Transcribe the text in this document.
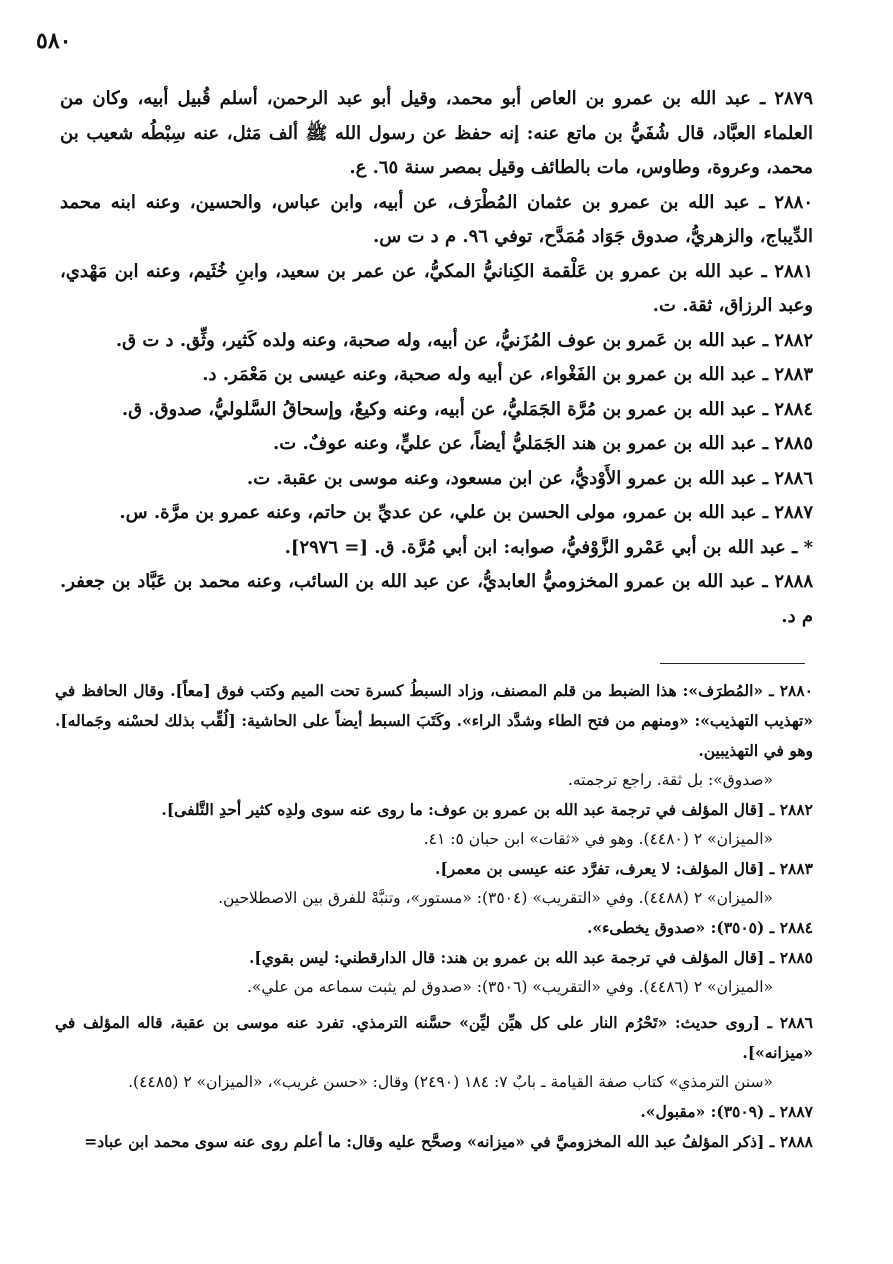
٥٨٠

٢٨٧٩ ـ عبد الله بن عمرو بن العاص أبو محمد، وقيل أبو عبد الرحمن، أسلم قُبيل أبيه، وكان من العلماء العبَّاد، قال شُفَيُّ بن ماتع عنه: إنه حفظ عن رسول الله ﷺ ألف مَثل، عنه سِبْطُه شعيب بن محمد، وعروة، وطاوس، مات بالطائف وقيل بمصر سنة ٦٥. ع.

٢٨٨٠ ـ عبد الله بن عمرو بن عثمان المُطْرَف، عن أبيه، وابن عباس، والحسين، وعنه ابنه محمد الدِّيباج، والزهريُّ، صدوق جَوَاد مُمَدَّح، توفي ٩٦. م د ت س.

٢٨٨١ ـ عبد الله بن عمرو بن عَلْقمة الكِنانيُّ المكيُّ، عن عمر بن سعيد، وابنِ خُثَيم، وعنه ابن مَهْدي، وعبد الرزاق، ثقة. ت.

٢٨٨٢ ـ عبد الله بن عَمرو بن عوف المُزَنيُّ، عن أبيه، وله صحبة، وعنه ولده كَثير، وثِّق. د ت ق.

٢٨٨٣ ـ عبد الله بن عمرو بن الفَغْواء، عن أبيه وله صحبة، وعنه عيسى بن مَعْمَر. د.

٢٨٨٤ ـ عبد الله بن عمرو بن مُرَّة الجَمَليُّ، عن أبيه، وعنه وكيعٌ، وإسحاقُ السَّلوليُّ، صدوق. ق.

٢٨٨٥ ـ عبد الله بن عمرو بن هند الجَمَليُّ أيضاً، عن عليٍّ، وعنه عوفٌ. ت.

٢٨٨٦ ـ عبد الله بن عمرو الأَوْديُّ، عن ابن مسعود، وعنه موسى بن عقبة. ت.

٢٨٨٧ ـ عبد الله بن عمرو، مولى الحسن بن علي، عن عديِّ بن حاتم، وعنه عمرو بن مرَّة. س.

* ـ عبد الله بن أبي عَمْرو الزَّوْفيُّ، صوابه: ابن أبي مُرَّة. ق. [= ٢٩٧٦].

٢٨٨٨ ـ عبد الله بن عمرو المخزوميُّ العابديُّ، عن عبد الله بن السائب، وعنه محمد بن عَبَّاد بن جعفر. م د.

٢٨٨٠ ـ «المُطرَف»: هذا الضبط من قلم المصنف، وزاد السبطُ كسرة تحت الميم وكتب فوق [معاً]. وقال الحافظ في «تهذيب التهذيب»: «ومنهم من فتح الطاء وشدَّد الراء». وكَتَبَ السبط أيضاً على الحاشية: [لُقِّب بذلك لحسْنه وجَماله]. وهو في التهذيبين.

«صدوق»: بل ثقة. راجع ترجمته.

٢٨٨٢ ـ [قال المؤلف في ترجمة عبد الله بن عمرو بن عوف: ما روى عنه سوى ولدِه كثير أحدِ التَّلفى].

«الميزان» ٢ (٤٤٨٠). وهو في «ثقات» ابن حبان ٥: ٤١.

٢٨٨٣ ـ [قال المؤلف: لا يعرف، تفرَّد عنه عيسى بن معمر].

«الميزان» ٢ (٤٤٨٨). وفي «التقريب» (٣٥٠٤): «مستور»، وتنبَّهْ للفرق بين الاصطلاحين.

٢٨٨٤ ـ (٣٥٠٥): «صدوق يخطىء».

٢٨٨٥ ـ [قال المؤلف في ترجمة عبد الله بن عمرو بن هند: قال الدارقطني: ليس بقوي].

«الميزان» ٢ (٤٤٨٦). وفي «التقريب» (٣٥٠٦): «صدوق لم يثبت سماعه من علي».

٢٨٨٦ ـ [روى حديث: «تَحْرُم النار على كل هيِّن ليِّن» حسَّنه الترمذي. تفرد عنه موسى بن عقبة، قاله المؤلف في «ميزانه»].

«سنن الترمذي» كتاب صفة القيامة ـ بابٌ ٧: ١٨٤ (٢٤٩٠) وقال: «حسن غريب»، «الميزان» ٢ (٤٤٨٥).

٢٨٨٧ ـ (٣٥٠٩): «مقبول».

٢٨٨٨ ـ [ذكر المؤلفُ عبد الله المخزوميَّ في «ميزانه» وصحَّح عليه وقال: ما أعلم روى عنه سوى محمد ابن عباد=
